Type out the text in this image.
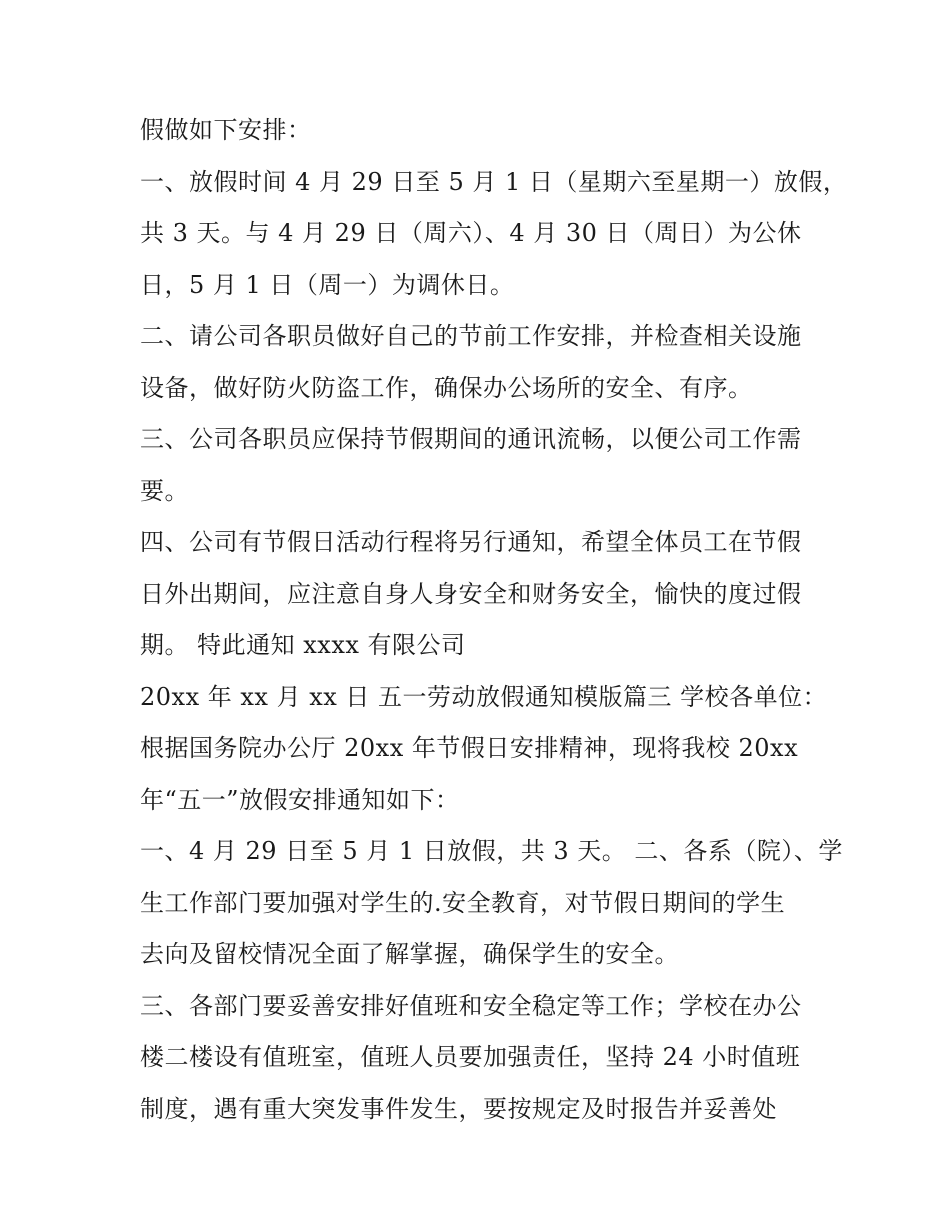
假做如下安排：
一、放假时间 4 月 29 日至 5 月 1 日（星期六至星期一）放假，
共 3 天。与 4 月 29 日（周六）、4 月 30 日（周日）为公休
日，5 月 1 日（周一）为调休日。
二、请公司各职员做好自己的节前工作安排，并检查相关设施
设备，做好防火防盗工作，确保办公场所的安全、有序。
三、公司各职员应保持节假期间的通讯流畅，以便公司工作需
要。
四、公司有节假日活动行程将另行通知，希望全体员工在节假
日外出期间，应注意自身人身安全和财务安全，愉快的度过假
期。 特此通知 xxxx 有限公司
20xx 年 xx 月 xx 日 五一劳动放假通知模版篇三 学校各单位：
根据国务院办公厅 20xx 年节假日安排精神，现将我校 20xx
年“五一”放假安排通知如下：
一、4 月 29 日至 5 月 1 日放假，共 3 天。 二、各系（院）、学
生工作部门要加强对学生的.安全教育，对节假日期间的学生
去向及留校情况全面了解掌握，确保学生的安全。
三、各部门要妥善安排好值班和安全稳定等工作；学校在办公
楼二楼设有值班室，值班人员要加强责任，坚持 24 小时值班
制度，遇有重大突发事件发生，要按规定及时报告并妥善处
